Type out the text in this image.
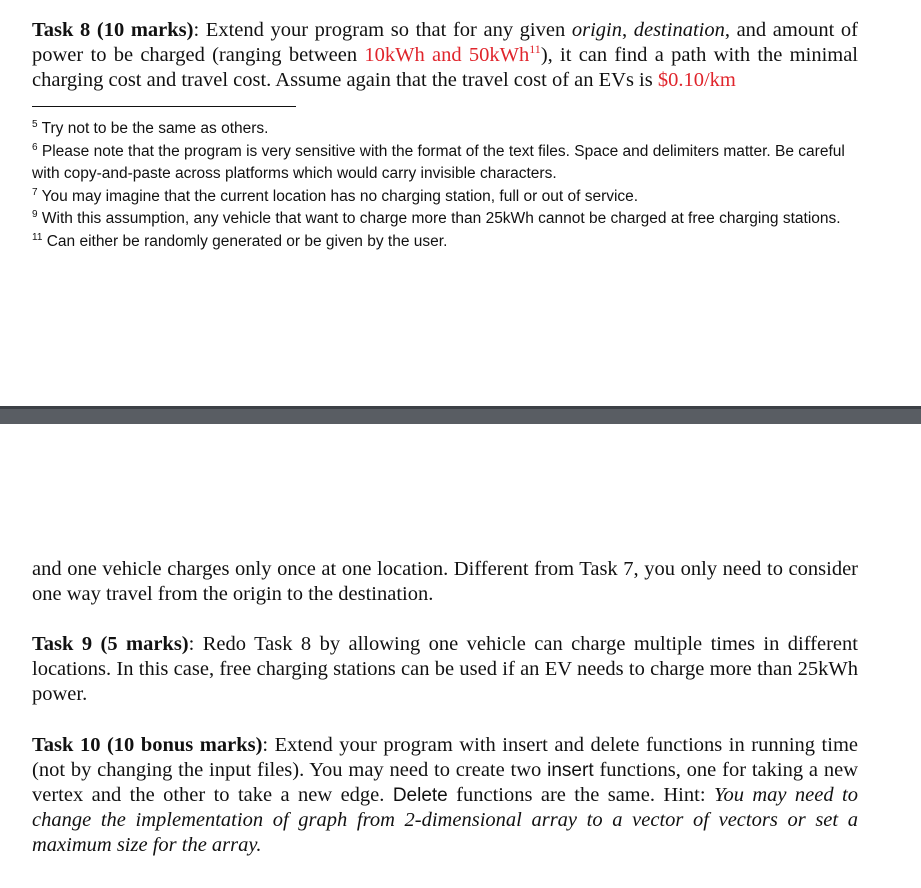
Task 8 (10 marks): Extend your program so that for any given origin, destination, and amount of power to be charged (ranging between 10kWh and 50kWh$^{11}$), it can find a path with the minimal charging cost and travel cost. Assume again that the travel cost of an EVs is $0.10/km

$^5$ Try not to be the same as others.
$^6$ Please note that the program is very sensitive with the format of the text files. Space and delimiters matter. Be careful with copy-and-paste across platforms which would carry invisible characters.
$^7$ You may imagine that the current location has no charging station, full or out of service.
$^9$ With this assumption, any vehicle that want to charge more than 25kWh cannot be charged at free charging stations.
$^{11}$ Can either be randomly generated or be given by the user.

and one vehicle charges only once at one location. Different from Task 7, you only need to consider one way travel from the origin to the destination.

Task 9 (5 marks): Redo Task 8 by allowing one vehicle can charge multiple times in different locations. In this case, free charging stations can be used if an EV needs to charge more than 25kWh power.

Task 10 (10 bonus marks): Extend your program with insert and delete functions in running time (not by changing the input files). You may need to create two insert functions, one for taking a new vertex and the other to take a new edge. Delete functions are the same. Hint: You may need to change the implementation of graph from 2-dimensional array to a vector of vectors or set a maximum size for the array.
